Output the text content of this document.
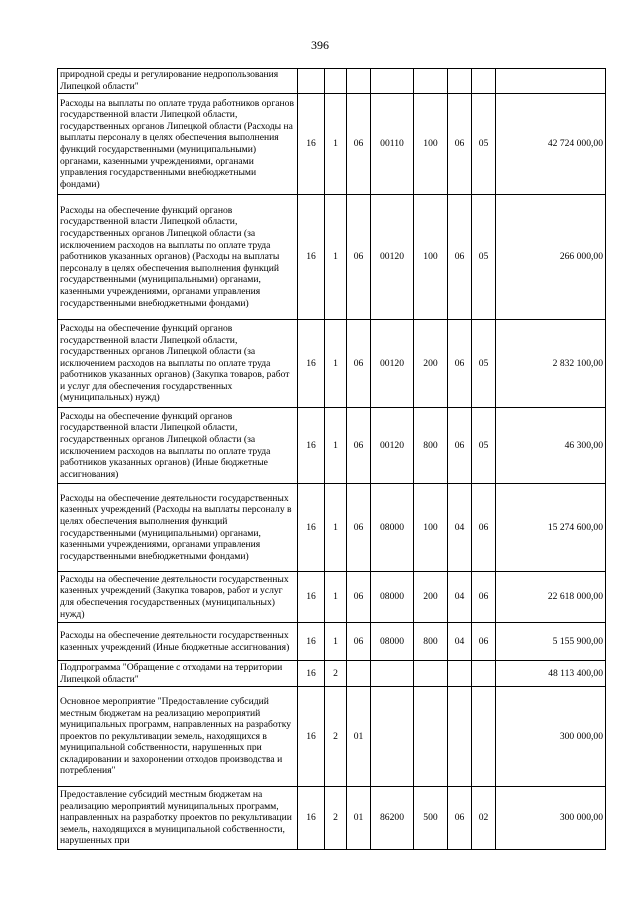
396
природной среды и регулирование недропользования Липецкой области"								
Расходы на выплаты по оплате труда работников органов государственной власти Липецкой области, государственных органов Липецкой области (Расходы на выплаты персоналу в целях обеспечения выполнения функций государственными (муниципальными) органами, казенными учреждениями, органами управления государственными внебюджетными фондами)	16	1	06	00110	100	06	05	42 724 000,00
Расходы на обеспечение функций органов государственной власти Липецкой области, государственных органов Липецкой области (за исключением расходов на выплаты по оплате труда работников указанных органов) (Расходы на выплаты персоналу в целях обеспечения выполнения функций государственными (муниципальными) органами, казенными учреждениями, органами управления государственными внебюджетными фондами)	16	1	06	00120	100	06	05	266 000,00
Расходы на обеспечение функций органов государственной власти Липецкой области, государственных органов Липецкой области (за исключением расходов на выплаты по оплате труда работников указанных органов) (Закупка товаров, работ и услуг для обеспечения государственных (муниципальных) нужд)	16	1	06	00120	200	06	05	2 832 100,00
Расходы на обеспечение функций органов государственной власти Липецкой области, государственных органов Липецкой области (за исключением расходов на выплаты по оплате труда работников указанных органов) (Иные бюджетные ассигнования)	16	1	06	00120	800	06	05	46 300,00
Расходы на обеспечение деятельности государственных казенных учреждений (Расходы на выплаты персоналу в целях обеспечения выполнения функций государственными (муниципальными) органами, казенными учреждениями, органами управления государственными внебюджетными фондами)	16	1	06	08000	100	04	06	15 274 600,00
Расходы на обеспечение деятельности государственных казенных учреждений (Закупка товаров, работ и услуг для обеспечения государственных (муниципальных) нужд)	16	1	06	08000	200	04	06	22 618 000,00
Расходы на обеспечение деятельности государственных казенных учреждений (Иные бюджетные ассигнования)	16	1	06	08000	800	04	06	5 155 900,00
Подпрограмма "Обращение с отходами на территории Липецкой области"	16	2						48 113 400,00
Основное мероприятие "Предоставление субсидий местным бюджетам на реализацию мероприятий муниципальных программ, направленных на разработку проектов по рекультивации земель, находящихся в муниципальной собственности, нарушенных при складировании и захоронении отходов производства и потребления"	16	2	01					300 000,00
Предоставление субсидий местным бюджетам на реализацию мероприятий муниципальных программ, направленных на разработку проектов по рекультивации земель, находящихся в муниципальной собственности, нарушенных при	16	2	01	86200	500	06	02	300 000,00
